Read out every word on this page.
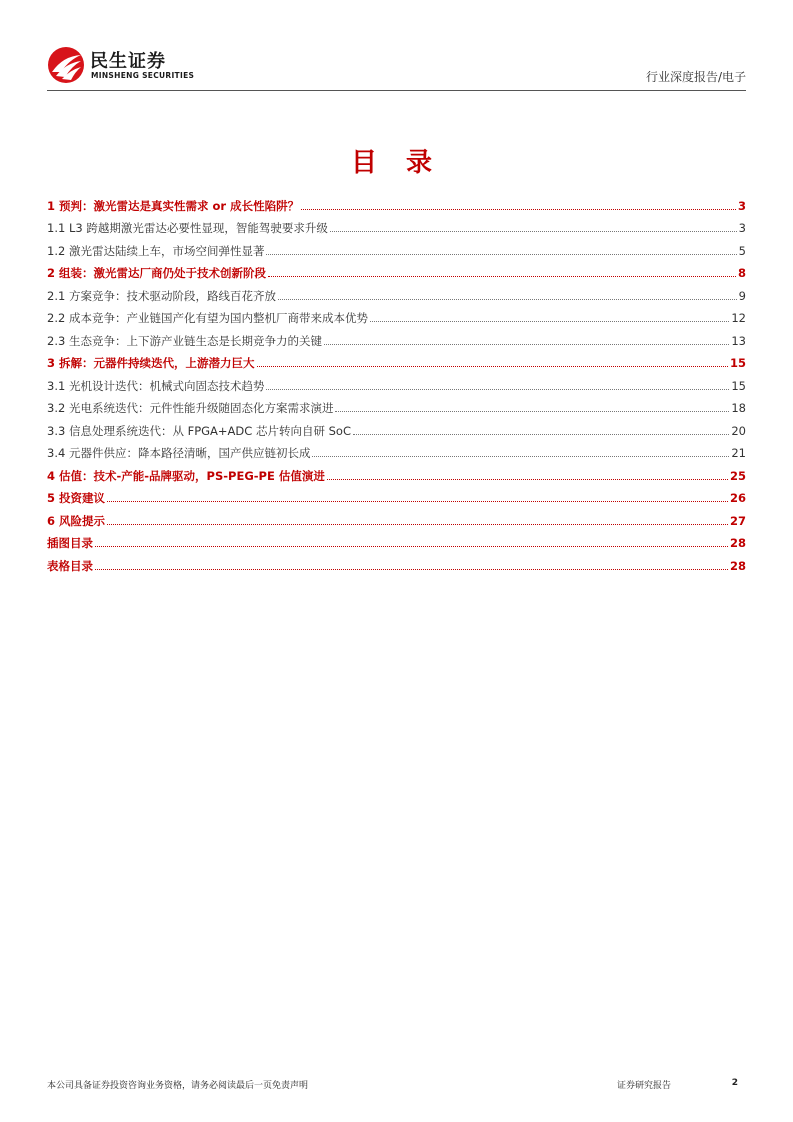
民生证券
MINSHENG SECURITIES	行业深度报告/电子
目 录
1 预判：激光雷达是真实性需求 or 成长性陷阱？	3
1.1 L3 跨越期激光雷达必要性显现，智能驾驶要求升级	3
1.2 激光雷达陆续上车，市场空间弹性显著	5
2 组装：激光雷达厂商仍处于技术创新阶段	8
2.1 方案竞争：技术驱动阶段，路线百花齐放	9
2.2 成本竞争：产业链国产化有望为国内整机厂商带来成本优势	12
2.3 生态竞争：上下游产业链生态是长期竞争力的关键	13
3 拆解：元器件持续迭代，上游潜力巨大	15
3.1 光机设计迭代：机械式向固态技术趋势	15
3.2 光电系统迭代：元件性能升级随固态化方案需求演进	18
3.3 信息处理系统迭代：从 FPGA+ADC 芯片转向自研 SoC	20
3.4 元器件供应：降本路径清晰，国产供应链初长成	21
4 估值：技术-产能-品牌驱动，PS-PEG-PE 估值演进	25
5 投资建议	26
6 风险提示	27
插图目录	28
表格目录	28
本公司具备证券投资咨询业务资格，请务必阅读最后一页免责声明	证券研究报告	2
